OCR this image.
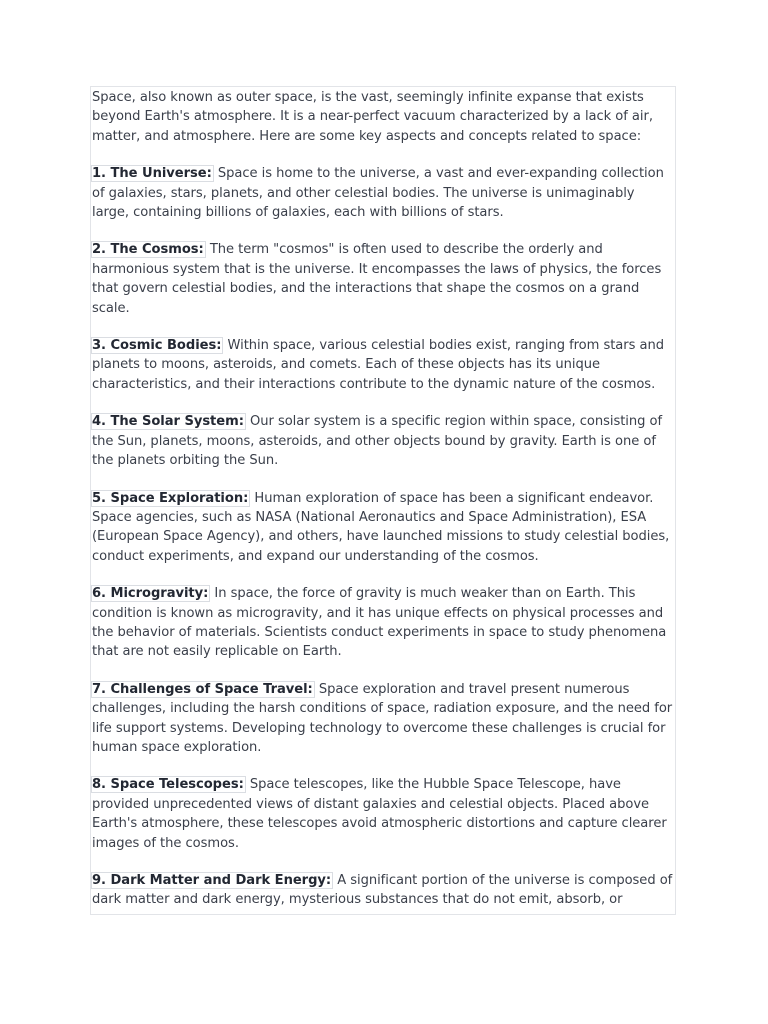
Space, also known as outer space, is the vast, seemingly infinite expanse that exists beyond Earth's atmosphere. It is a near-perfect vacuum characterized by a lack of air, matter, and atmosphere. Here are some key aspects and concepts related to space:

1. The Universe: Space is home to the universe, a vast and ever-expanding collection of galaxies, stars, planets, and other celestial bodies. The universe is unimaginably large, containing billions of galaxies, each with billions of stars.

2. The Cosmos: The term "cosmos" is often used to describe the orderly and harmonious system that is the universe. It encompasses the laws of physics, the forces that govern celestial bodies, and the interactions that shape the cosmos on a grand scale.

3. Cosmic Bodies: Within space, various celestial bodies exist, ranging from stars and planets to moons, asteroids, and comets. Each of these objects has its unique characteristics, and their interactions contribute to the dynamic nature of the cosmos.

4. The Solar System: Our solar system is a specific region within space, consisting of the Sun, planets, moons, asteroids, and other objects bound by gravity. Earth is one of the planets orbiting the Sun.

5. Space Exploration: Human exploration of space has been a significant endeavor. Space agencies, such as NASA (National Aeronautics and Space Administration), ESA (European Space Agency), and others, have launched missions to study celestial bodies, conduct experiments, and expand our understanding of the cosmos.

6. Microgravity: In space, the force of gravity is much weaker than on Earth. This condition is known as microgravity, and it has unique effects on physical processes and the behavior of materials. Scientists conduct experiments in space to study phenomena that are not easily replicable on Earth.

7. Challenges of Space Travel: Space exploration and travel present numerous challenges, including the harsh conditions of space, radiation exposure, and the need for life support systems. Developing technology to overcome these challenges is crucial for human space exploration.

8. Space Telescopes: Space telescopes, like the Hubble Space Telescope, have provided unprecedented views of distant galaxies and celestial objects. Placed above Earth's atmosphere, these telescopes avoid atmospheric distortions and capture clearer images of the cosmos.

9. Dark Matter and Dark Energy: A significant portion of the universe is composed of dark matter and dark energy, mysterious substances that do not emit, absorb, or
